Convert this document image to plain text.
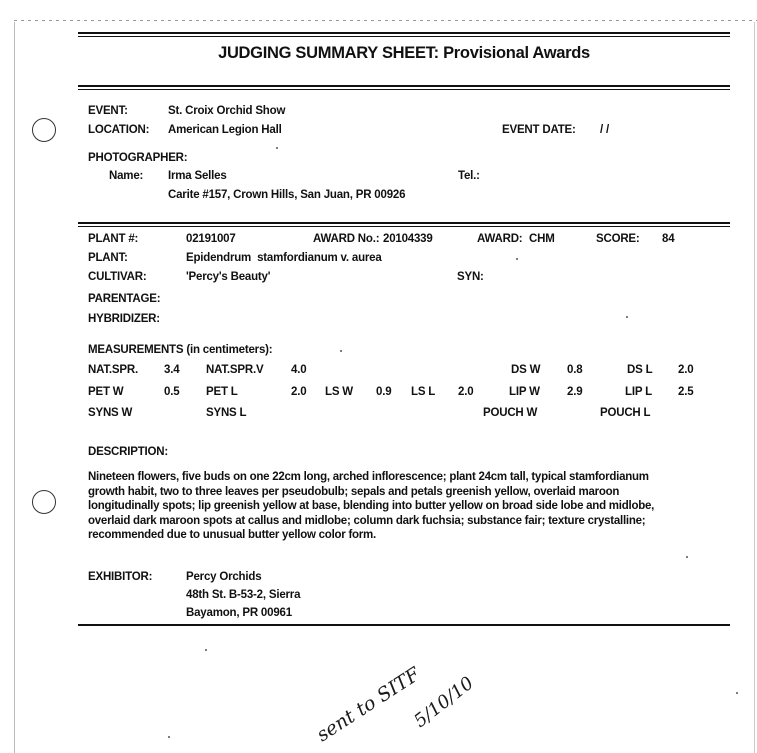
JUDGING SUMMARY SHEET: Provisional Awards
EVENT:	St. Croix Orchid Show
LOCATION: American Legion Hall	EVENT DATE: / /
PHOTOGRAPHER:
Name: Irma Selles
Carite #157, Crown Hills, San Juan, PR 00926
Tel.:
PLANT #:	02191007	AWARD No.: 20104339	AWARD: CHM	SCORE: 84
PLANT:	Epidendrum  stamfordianum v. aurea
CULTIVAR:	'Percy's Beauty'	SYN:
PARENTAGE:
HYBRIDIZER:
MEASUREMENTS (in centimeters):
NAT.SPR. 3.4 NAT.SPR.V 4.0	DS W 0.8	DS L 2.0
PET W	0.5 PET L	2.0 LS W 0.9 LS L 2.0	LIP W 2.9	LIP L 2.5
SYNS W	SYNS L	POUCH W	POUCH L
DESCRIPTION:
Nineteen flowers, five buds on one 22cm long, arched inflorescence; plant 24cm tall, typical stamfordianum growth habit, two to three leaves per pseudobulb; sepals and petals greenish yellow, overlaid maroon longitudinally spots; lip greenish yellow at base, blending into butter yellow on broad side lobe and midlobe, overlaid dark maroon spots at callus and midlobe; column dark fuchsia; substance fair; texture crystalline; recommended due to unusual butter yellow color form.
EXHIBITOR:	Percy Orchids
48th St. B-53-2, Sierra
Bayamon, PR 00961
sent to SITF
5/10/10
